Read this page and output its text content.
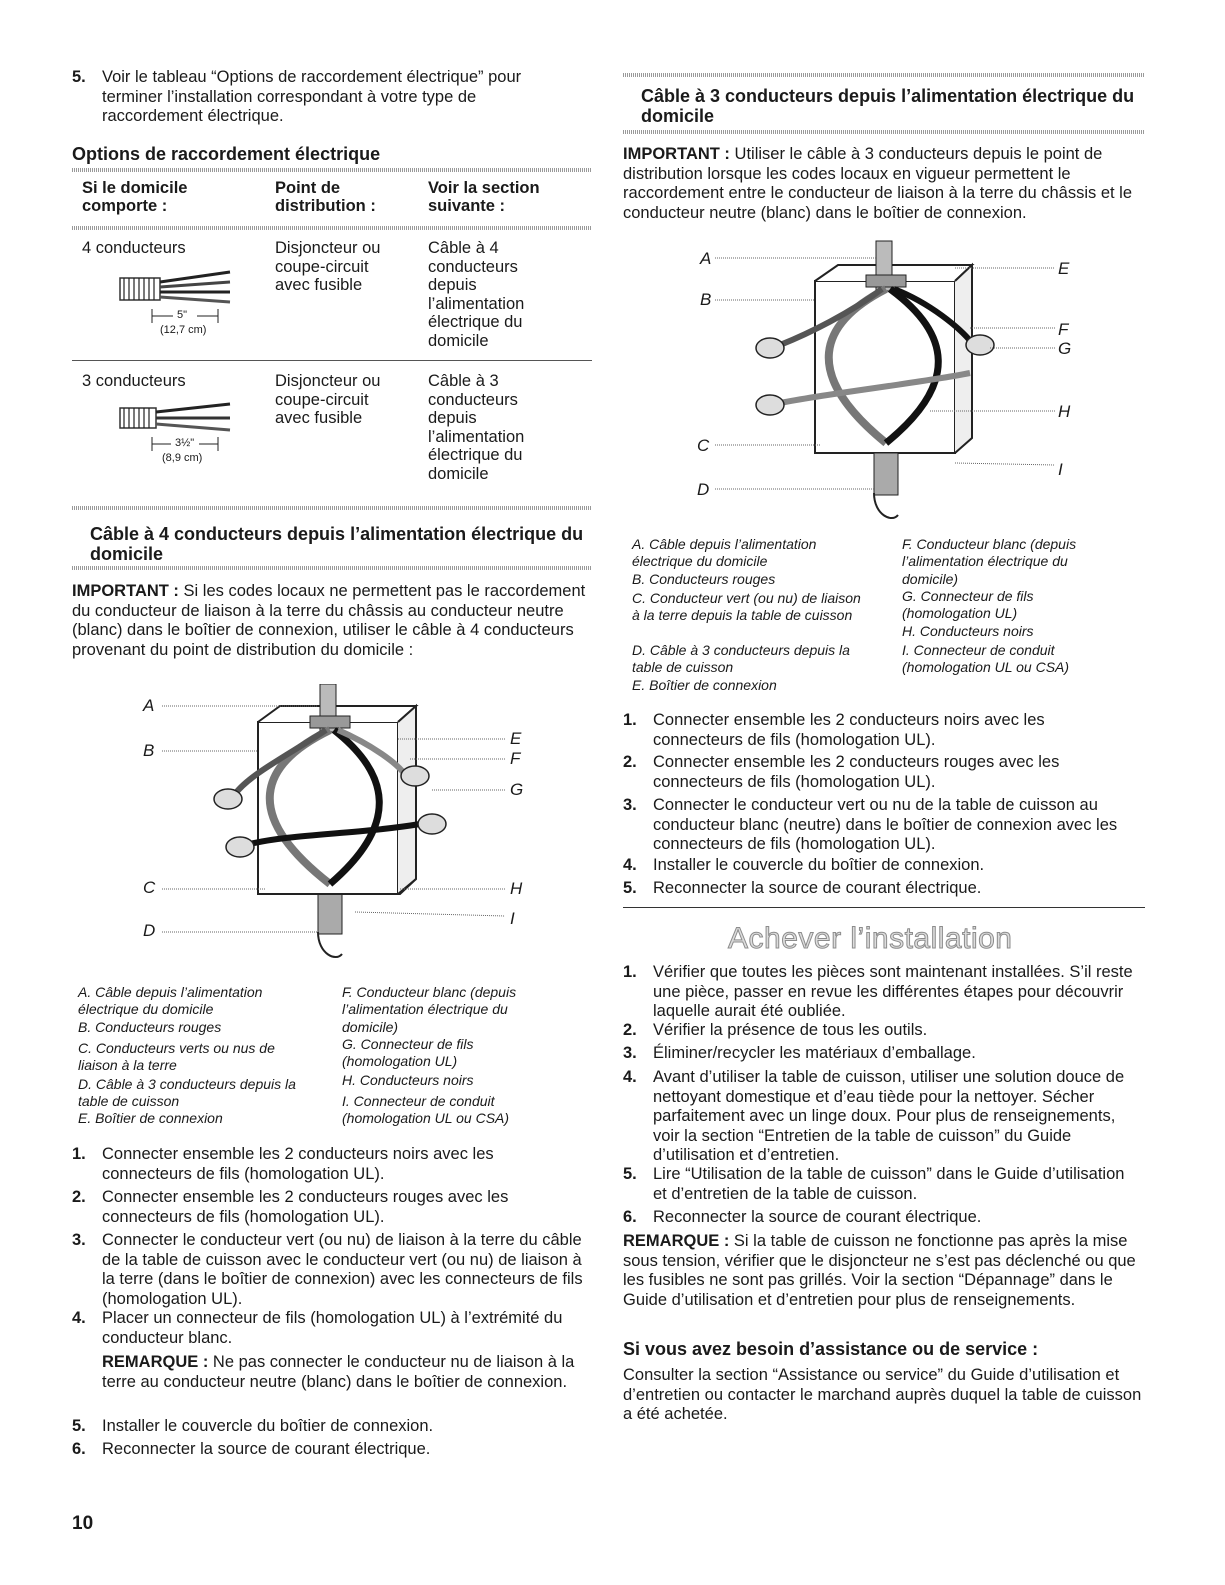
5. Voir le tableau “Options de raccordement électrique” pour terminer l’installation correspondant à votre type de raccordement électrique.
Options de raccordement électrique
Si le domicile comporte :
Point de distribution :
Voir la section suivante :
4 conducteurs	Disjoncteur ou coupe-circuit avec fusible
Câble à 4 conducteurs depuis l’alimentation électrique du domicile
5"
(12,7 cm)
3 conducteurs	Disjoncteur ou coupe-circuit avec fusible
Câble à 3 conducteurs depuis l’alimentation électrique du domicile
3½"
(8,9 cm)
Câble à 4 conducteurs depuis l’alimentation électrique du domicile

IMPORTANT : Si les codes locaux ne permettent pas le raccordement du conducteur de liaison à la terre du châssis au conducteur neutre (blanc) dans le boîtier de connexion, utiliser le câble à 4 conducteurs provenant du point de distribution du domicile :

A
B
C
D
E
F
G
H
I
A. Câble depuis l’alimentation électrique du domicile
B. Conducteurs rouges
C. Conducteurs verts ou nus de liaison à la terre
D. Câble à 3 conducteurs depuis la table de cuisson
E. Boîtier de connexion
F. Conducteur blanc (depuis l’alimentation électrique du domicile)
G. Connecteur de fils (homologation UL)
H. Conducteurs noirs
I. Connecteur de conduit (homologation UL ou CSA)
1. Connecter ensemble les 2 conducteurs noirs avec les connecteurs de fils (homologation UL).
2. Connecter ensemble les 2 conducteurs rouges avec les connecteurs de fils (homologation UL).
3. Connecter le conducteur vert (ou nu) de liaison à la terre du câble de la table de cuisson avec le conducteur vert (ou nu) de liaison à la terre (dans le boîtier de connexion) avec les connecteurs de fils (homologation UL).
4. Placer un connecteur de fils (homologation UL) à l’extrémité du conducteur blanc.

REMARQUE : Ne pas connecter le conducteur nu de liaison à la terre au conducteur neutre (blanc) dans le boîtier de connexion.

5. Installer le couvercle du boîtier de connexion.
6. Reconnecter la source de courant électrique.
10
Câble à 3 conducteurs depuis l’alimentation électrique du domicile

IMPORTANT : Utiliser le câble à 3 conducteurs depuis le point de distribution lorsque les codes locaux en vigueur permettent le raccordement entre le conducteur de liaison à la terre du châssis et le conducteur neutre (blanc) dans le boîtier de connexion.

A
B
C
D
E
F
G
H
I
A. Câble depuis l’alimentation électrique du domicile
B. Conducteurs rouges
C. Conducteur vert (ou nu) de liaison à la terre depuis la table de cuisson
D. Câble à 3 conducteurs depuis la table de cuisson
E. Boîtier de connexion
F. Conducteur blanc (depuis l’alimentation électrique du domicile)
G. Connecteur de fils (homologation UL)
H. Conducteurs noirs
I. Connecteur de conduit (homologation UL ou CSA)
1. Connecter ensemble les 2 conducteurs noirs avec les connecteurs de fils (homologation UL).
2. Connecter ensemble les 2 conducteurs rouges avec les connecteurs de fils (homologation UL).
3. Connecter le conducteur vert ou nu de la table de cuisson au conducteur blanc (neutre) dans le boîtier de connexion avec les connecteurs de fils (homologation UL).
4. Installer le couvercle du boîtier de connexion.
5. Reconnecter la source de courant électrique.
Achever l’installation
1. Vérifier que toutes les pièces sont maintenant installées. S’il reste une pièce, passer en revue les différentes étapes pour découvrir laquelle aurait été oubliée.
2. Vérifier la présence de tous les outils.
3. Éliminer/recycler les matériaux d’emballage.
4. Avant d’utiliser la table de cuisson, utiliser une solution douce de nettoyant domestique et d’eau tiède pour la nettoyer. Sécher parfaitement avec un linge doux. Pour plus de renseignements, voir la section “Entretien de la table de cuisson” du Guide d’utilisation et d’entretien.
5. Lire “Utilisation de la table de cuisson” dans le Guide d’utilisation et d’entretien de la table de cuisson.
6. Reconnecter la source de courant électrique.

REMARQUE : Si la table de cuisson ne fonctionne pas après la mise sous tension, vérifier que le disjoncteur ne s’est pas déclenché ou que les fusibles ne sont pas grillés. Voir la section “Dépannage” dans le Guide d’utilisation et d’entretien pour plus de renseignements.

Si vous avez besoin d’assistance ou de service :

Consulter la section “Assistance ou service” du Guide d’utilisation et d’entretien ou contacter le marchand auprès duquel la table de cuisson a été achetée.
